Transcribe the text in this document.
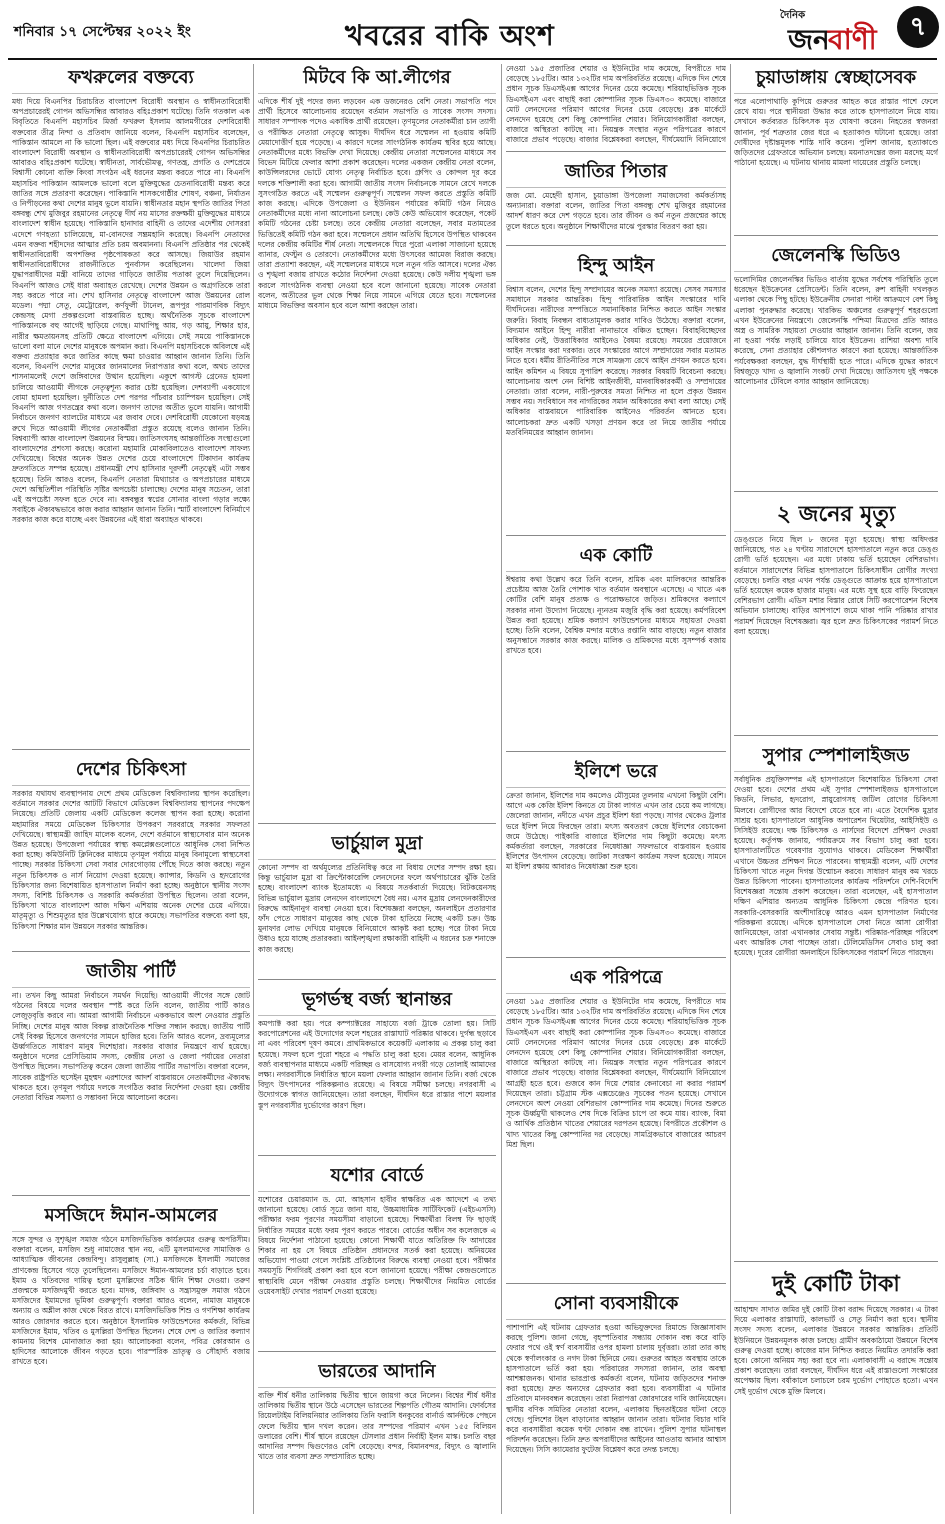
শনিবার ১৭ সেপ্টেম্বর ২০২২ ইং	খবরের বাকি অংশ
দৈনিক
জন
বাণী	৭
ফখরুলের বক্তব্যে
মধ্য দিয়ে বিএনপির চিরাচরিত বাংলাদেশ বিরোধী অবস্থান ও স্বাধীনতাবিরোধী অপপ্রচারেরই গোপন অভিসন্ধির আবারও বহিঃপ্রকাশ ঘটেছে। তিনি গতকাল এক বিবৃতিতে বিএনপি মহাসচিব মির্জা ফখরুল ইসলাম আলমগীরের দেশবিরোধী বক্তব্যের তীব্র নিন্দা ও প্রতিবাদ জানিয়ে বলেন, বিএনপি মহাসচিব বলেছেন, পাকিস্তান আমলে না কি ভালো ছিল। এই বক্তব্যের মধ্য দিয়ে বিএনপির চিরাচরিত বাংলাদেশ বিরোধী অবস্থান ও স্বাধীনতাবিরোধী অপপ্রচারেরই গোপন অভিসন্ধির আবারও বহিঃপ্রকাশ ঘটেছে। স্বাধীনতা, সার্বভৌমত্ব, গণতন্ত্র, প্রগতি ও দেশপ্রেমে বিশ্বাসী কোনো ব্যক্তি কিংবা সংগঠন এই ধরনের মন্তব্য করতে পারে না। বিএনপি মহাসচিব পাকিস্তান আমলকে ভালো বলে মুক্তিযুদ্ধের চেতনাবিরোধী মন্তব্য করে জাতির সঙ্গে প্রতারণা করেছেন। পাকিস্তানি শাসকগোষ্ঠীর শোষণ, বঞ্চনা, নির্যাতন ও নিপীড়নের কথা দেশের মানুষ ভুলে যায়নি। স্বাধীনতার মহান স্থপতি জাতির পিতা বঙ্গবন্ধু শেখ মুজিবুর রহমানের নেতৃত্বে দীর্ঘ নয় মাসের রক্তক্ষয়ী মুক্তিযুদ্ধের মাধ্যমে বাংলাদেশ স্বাধীন হয়েছে। পাকিস্তানি হানাদার বাহিনী ও তাদের এদেশীয় দোসররা এদেশে গণহত্যা চালিয়েছে, মা-বোনদের সম্ভ্রমহানি করেছে। বিএনপি নেতাদের এমন বক্তব্য শহীদদের আত্মার প্রতি চরম অবমাননা। বিএনপি প্রতিষ্ঠার পর থেকেই স্বাধীনতাবিরোধী অপশক্তির পৃষ্ঠপোষকতা করে আসছে। জিয়াউর রহমান স্বাধীনতাবিরোধীদের রাজনীতিতে পুনর্বাসন করেছিলেন। খালেদা জিয়া যুদ্ধাপরাধীদের মন্ত্রী বানিয়ে তাদের গাড়িতে জাতীয় পতাকা তুলে দিয়েছিলেন। বিএনপি আজও সেই ধারা অব্যাহত রেখেছে। দেশের উন্নয়ন ও অগ্রগতিকে তারা সহ্য করতে পারে না। শেখ হাসিনার নেতৃত্বে বাংলাদেশ আজ উন্নয়নের রোল মডেল। পদ্মা সেতু, মেট্রোরেল, কর্ণফুলী টানেল, রূপপুর পারমাণবিক বিদ্যুৎ কেন্দ্রসহ মেগা প্রকল্পগুলো বাস্তবায়িত হচ্ছে। অর্থনৈতিক সূচকে বাংলাদেশ পাকিস্তানকে বহু আগেই ছাড়িয়ে গেছে। মাথাপিছু আয়, গড় আয়ু, শিক্ষার হার, নারীর ক্ষমতায়নসহ প্রতিটি ক্ষেত্রে বাংলাদেশ এগিয়ে। সেই সময়ে পাকিস্তানকে ভালো বলা মানে দেশের মানুষকে অপমান করা। বিএনপি মহাসচিবকে অবিলম্বে এই বক্তব্য প্রত্যাহার করে জাতির কাছে ক্ষমা চাওয়ার আহ্বান জানান তিনি। তিনি বলেন, বিএনপি দেশের মানুষের জানমালের নিরাপত্তার কথা বলে, অথচ তাদের শাসনামলেই দেশে জঙ্গিবাদের উত্থান হয়েছিল। একুশে আগস্ট গ্রেনেড হামলা চালিয়ে আওয়ামী লীগকে নেতৃত্বশূন্য করার চেষ্টা হয়েছিল। দেশব্যাপী একযোগে বোমা হামলা হয়েছিল। দুর্নীতিতে দেশ পরপর পাঁচবার চ্যাম্পিয়ন হয়েছিল। সেই বিএনপি আজ গণতন্ত্রের কথা বলে। জনগণ তাদের অতীত ভুলে যায়নি। আগামী নির্বাচনে জনগণ ব্যালটের মাধ্যমে এর জবাব দেবে। দেশবিরোধী যেকোনো ষড়যন্ত্র রুখে দিতে আওয়ামী লীগের নেতাকর্মীরা প্রস্তুত রয়েছে বলেও জানান তিনি। বিশ্বব্যাপী আজ বাংলাদেশ উন্নয়নের বিস্ময়। জাতিসংঘসহ আন্তর্জাতিক সংস্থাগুলো বাংলাদেশের প্রশংসা করছে। করোনা মহামারি মোকাবিলাতেও বাংলাদেশ সাফল্য দেখিয়েছে। বিশ্বের অনেক উন্নত দেশের চেয়ে বাংলাদেশে টিকাদান কার্যক্রম দ্রুতগতিতে সম্পন্ন হয়েছে। প্রধানমন্ত্রী শেখ হাসিনার দূরদর্শী নেতৃত্বেই এটা সম্ভব হয়েছে। তিনি আরও বলেন, বিএনপি নেতারা মিথ্যাচার ও অপপ্রচারের মাধ্যমে দেশে অস্থিতিশীল পরিস্থিতি সৃষ্টির অপচেষ্টা চালাচ্ছে। দেশের মানুষ সচেতন, তারা এই অপচেষ্টা সফল হতে দেবে না। বঙ্গবন্ধুর স্বপ্নের সোনার বাংলা গড়ার লক্ষ্যে সবাইকে ঐক্যবদ্ধভাবে কাজ করার আহ্বান জানান তিনি। স্মার্ট বাংলাদেশ বিনির্মাণে সরকার কাজ করে যাচ্ছে এবং উন্নয়নের এই ধারা অব্যাহত থাকবে।
দেশের চিকিৎসা
সরকার যথাযথ ব্যবস্থাপনায় দেশে প্রথম মেডিকেল বিশ্ববিদ্যালয় স্থাপন করেছিল। বর্তমানে সরকার দেশের আটটি বিভাগে মেডিকেল বিশ্ববিদ্যালয় স্থাপনের পদক্ষেপ নিয়েছে। প্রতিটি জেলায় একটি মেডিকেল কলেজ স্থাপন করা হচ্ছে। করোনা মহামারির সময়ে মেডিকেল চিকিৎসার উপকরণ সরবরাহে সরকার সফলতা দেখিয়েছে। স্বাস্থ্যমন্ত্রী জাহিদ মালেক বলেন, দেশে বর্তমানে স্বাস্থ্যসেবার মান অনেক উন্নত হয়েছে। উপজেলা পর্যায়ের স্বাস্থ্য কমপ্লেক্সগুলোতে আধুনিক সেবা নিশ্চিত করা হচ্ছে। কমিউনিটি ক্লিনিকের মাধ্যমে তৃণমূল পর্যায়ে মানুষ বিনামূল্যে স্বাস্থ্যসেবা পাচ্ছে। সরকার চিকিৎসা সেবা সবার দোরগোড়ায় পৌঁছে দিতে কাজ করছে। নতুন নতুন চিকিৎসক ও নার্স নিয়োগ দেওয়া হয়েছে। ক্যান্সার, কিডনি ও হৃদরোগের চিকিৎসার জন্য বিশেষায়িত হাসপাতাল নির্মাণ করা হচ্ছে। অনুষ্ঠানে স্থানীয় সংসদ সদস্য, বিশিষ্ট চিকিৎসক ও সরকারি কর্মকর্তারা উপস্থিত ছিলেন। তারা বলেন, চিকিৎসা খাতে বাংলাদেশ আজ দক্ষিণ এশিয়ায় অনেক দেশের চেয়ে এগিয়ে। মাতৃমৃত্যু ও শিশুমৃত্যুর হার উল্লেখযোগ্য হারে কমেছে। সভাপতির বক্তব্যে বলা হয়, চিকিৎসা শিক্ষার মান উন্নয়নে সরকার আন্তরিক।
জাতীয় পার্টি
না। তখন কিছু আমরা নির্বাচনে সমর্থন দিয়েছি। আওয়ামী লীগের সঙ্গে জোট গঠনের বিষয়ে দলের অবস্থান স্পষ্ট করে তিনি বলেন, জাতীয় পার্টি কারও লেজুড়বৃত্তি করবে না। আমরা আগামী নির্বাচনে এককভাবে অংশ নেওয়ার প্রস্তুতি নিচ্ছি। দেশের মানুষ আজ বিকল্প রাজনৈতিক শক্তির সন্ধান করছে। জাতীয় পার্টি সেই বিকল্প হিসেবে জনগণের সামনে হাজির হবে। তিনি আরও বলেন, দ্রব্যমূল্যের ঊর্ধ্বগতিতে সাধারণ মানুষ দিশেহারা। সরকার বাজার নিয়ন্ত্রণে ব্যর্থ হয়েছে। অনুষ্ঠানে দলের প্রেসিডিয়াম সদস্য, কেন্দ্রীয় নেতা ও জেলা পর্যায়ের নেতারা উপস্থিত ছিলেন। সভাপতিত্ব করেন জেলা জাতীয় পার্টির সভাপতি। বক্তারা বলেন, সাবেক রাষ্ট্রপতি হুসেইন মুহম্মদ এরশাদের আদর্শ বাস্তবায়নে নেতাকর্মীদের ঐক্যবদ্ধ থাকতে হবে। তৃণমূল পর্যায়ে দলকে সংগঠিত করার নির্দেশনা দেওয়া হয়। কেন্দ্রীয় নেতারা বিভিন্ন সমস্যা ও সম্ভাবনা নিয়ে আলোচনা করেন।
মসজিদে ঈমান-আমলের
সঙ্গে সুন্দর ও সুশৃঙ্খল সমাজ গঠনে মসজিদভিত্তিক কার্যক্রমের গুরুত্ব অপরিসীম। বক্তারা বলেন, মসজিদ শুধু নামাজের স্থান নয়, এটি মুসলমানদের সামাজিক ও আধ্যাত্মিক জীবনের কেন্দ্রবিন্দু। রাসুলুল্লাহ (সা.) মসজিদকে ইসলামী সমাজের প্রাণকেন্দ্র হিসেবে গড়ে তুলেছিলেন। মসজিদে ঈমান-আমলের চর্চা বাড়াতে হবে। ইমাম ও খতিবদের দায়িত্ব হলো মুসল্লিদের সঠিক দ্বীনি শিক্ষা দেওয়া। তরুণ প্রজন্মকে মসজিদমুখী করতে হবে। মাদক, জঙ্গিবাদ ও সন্ত্রাসমুক্ত সমাজ গঠনে মসজিদের ইমামদের ভূমিকা গুরুত্বপূর্ণ। বক্তারা আরও বলেন, নামাজ মানুষকে অন্যায় ও অশ্লীল কাজ থেকে বিরত রাখে। মসজিদভিত্তিক শিশু ও গণশিক্ষা কার্যক্রম আরও জোরদার করতে হবে। অনুষ্ঠানে ইসলামিক ফাউন্ডেশনের কর্মকর্তা, বিভিন্ন মসজিদের ইমাম, খতিব ও মুসল্লিরা উপস্থিত ছিলেন। শেষে দেশ ও জাতির কল্যাণ কামনায় বিশেষ মোনাজাত করা হয়। আলোচকরা বলেন, পবিত্র কোরআন ও হাদিসের আলোকে জীবন গড়তে হবে। পারস্পরিক ভ্রাতৃত্ব ও সৌহার্দ্য বজায় রাখতে হবে।
মিটবে কি আ.লীগের
এদিকে শীর্ষ দুই পদের জন্য লড়বেন এক ডজনেরও বেশি নেতা। সভাপতি পদে প্রার্থী হিসেবে আলোচনায় রয়েছেন বর্তমান সভাপতি ও সাবেক সংসদ সদস্য। সাধারণ সম্পাদক পদেও একাধিক প্রার্থী রয়েছেন। তৃণমূলের নেতাকর্মীরা চান ত্যাগী ও পরীক্ষিত নেতারা নেতৃত্বে আসুক। দীর্ঘদিন ধরে সম্মেলন না হওয়ায় কমিটি মেয়াদোত্তীর্ণ হয়ে পড়েছে। এ কারণে দলের সাংগঠনিক কার্যক্রম স্থবির হয়ে আছে। নেতাকর্মীদের মধ্যে বিভক্তি দেখা দিয়েছে। কেন্দ্রীয় নেতারা সম্মেলনের মাধ্যমে সব বিভেদ মিটিয়ে ফেলার আশা প্রকাশ করেছেন। দলের একজন কেন্দ্রীয় নেতা বলেন, কাউন্সিলরদের ভোটে যোগ্য নেতৃত্ব নির্বাচিত হবে। গ্রুপিং ও কোন্দল দূর করে দলকে শক্তিশালী করা হবে। আগামী জাতীয় সংসদ নির্বাচনকে সামনে রেখে দলকে সুসংগঠিত করতে এই সম্মেলন গুরুত্বপূর্ণ। সম্মেলন সফল করতে প্রস্তুতি কমিটি কাজ করছে। এদিকে উপজেলা ও ইউনিয়ন পর্যায়ের কমিটি গঠন নিয়েও নেতাকর্মীদের মধ্যে নানা আলোচনা চলছে। কেউ কেউ অভিযোগ করেছেন, পকেট কমিটি গঠনের চেষ্টা চলছে। তবে কেন্দ্রীয় নেতারা বলেছেন, সবার মতামতের ভিত্তিতেই কমিটি গঠন করা হবে। সম্মেলনে প্রধান অতিথি হিসেবে উপস্থিত থাকবেন দলের কেন্দ্রীয় কমিটির শীর্ষ নেতা। সম্মেলনকে ঘিরে পুরো এলাকা সাজানো হয়েছে ব্যানার, ফেস্টুন ও তোরণে। নেতাকর্মীদের মধ্যে উৎসবের আমেজ বিরাজ করছে। তারা প্রত্যাশা করছেন, এই সম্মেলনের মাধ্যমে দলে নতুন গতি আসবে। দলের ঐক্য ও শৃঙ্খলা বজায় রাখতে কঠোর নির্দেশনা দেওয়া হয়েছে। কেউ দলীয় শৃঙ্খলা ভঙ্গ করলে সাংগঠনিক ব্যবস্থা নেওয়া হবে বলে জানানো হয়েছে। সাবেক নেতারা বলেন, অতীতের ভুল থেকে শিক্ষা নিয়ে সামনে এগিয়ে যেতে হবে। সম্মেলনের মাধ্যমে বিভক্তির অবসান হবে বলে আশা করছেন তারা।
ভার্চুয়াল মুদ্রা
কোনো সম্পদ বা অর্থমূল্যের প্রতিনিধিত্ব করে না বিধায় দেশের সম্পদ রক্ষা হয়। কিন্তু ভার্চুয়াল মুদ্রা বা ক্রিপ্টোকারেন্সি লেনদেনের ফলে অর্থপাচারের ঝুঁকি তৈরি হচ্ছে। বাংলাদেশ ব্যাংক ইতোমধ্যে এ বিষয়ে সতর্কবার্তা দিয়েছে। বিটকয়েনসহ বিভিন্ন ভার্চুয়াল মুদ্রায় লেনদেন বাংলাদেশে বৈধ নয়। এসব মুদ্রায় লেনদেনকারীদের বিরুদ্ধে আইনানুগ ব্যবস্থা নেওয়া হবে। বিশেষজ্ঞরা বলছেন, অনলাইনে প্রতারণার ফাঁদ পেতে সাধারণ মানুষের কাছ থেকে টাকা হাতিয়ে নিচ্ছে একটি চক্র। উচ্চ মুনাফার লোভ দেখিয়ে মানুষকে বিনিয়োগে আকৃষ্ট করা হচ্ছে। পরে টাকা নিয়ে উধাও হয়ে যাচ্ছে প্রতারকরা। আইনশৃঙ্খলা রক্ষাকারী বাহিনী এ ধরনের চক্র শনাক্তে কাজ করছে।
ভূগর্ভস্থ বর্জ্য স্থানান্তর
কমপ্যাক্ট করা হয়। পরে কম্প্যাক্টরের সাহায্যে বর্জ্য ট্রাকে তোলা হয়। সিটি করপোরেশনের এই উদ্যোগের ফলে শহরের রাস্তাঘাট পরিষ্কার থাকবে। দুর্গন্ধ ছড়াবে না এবং পরিবেশ দূষণ কমবে। প্রাথমিকভাবে কয়েকটি এলাকায় এ প্রকল্প চালু করা হয়েছে। সফল হলে পুরো শহরে এ পদ্ধতি চালু করা হবে। মেয়র বলেন, আধুনিক বর্জ্য ব্যবস্থাপনার মাধ্যমে একটি পরিচ্ছন্ন ও বাসযোগ্য নগরী গড়ে তোলাই আমাদের লক্ষ্য। নগরবাসীকে নির্ধারিত স্থানে ময়লা ফেলার আহ্বান জানান তিনি। বর্জ্য থেকে বিদ্যুৎ উৎপাদনের পরিকল্পনাও রয়েছে। এ বিষয়ে সমীক্ষা চলছে। নগরবাসী এ উদ্যোগকে স্বাগত জানিয়েছেন। তারা বলছেন, দীর্ঘদিন ধরে রাস্তার পাশে ময়লার স্তূপ নগরবাসীর দুর্ভোগের কারণ ছিল।
যশোর বোর্ডে
যশোরের চেয়ারম্যান ড. মো. আহসান হাবীব স্বাক্ষরিত এক আদেশে এ তথ্য জানানো হয়েছে। বোর্ড সূত্রে জানা যায়, উচ্চমাধ্যমিক সার্টিফিকেট (এইচএসসি) পরীক্ষার ফরম পূরণের সময়সীমা বাড়ানো হয়েছে। শিক্ষার্থীরা বিলম্ব ফি ছাড়াই নির্ধারিত সময়ের মধ্যে ফরম পূরণ করতে পারবে। বোর্ডের অধীন সব কলেজকে এ বিষয়ে নির্দেশনা পাঠানো হয়েছে। কোনো শিক্ষার্থী যাতে অতিরিক্ত ফি আদায়ের শিকার না হয় সে বিষয়ে প্রতিষ্ঠান প্রধানদের সতর্ক করা হয়েছে। অনিয়মের অভিযোগ পাওয়া গেলে সংশ্লিষ্ট প্রতিষ্ঠানের বিরুদ্ধে ব্যবস্থা নেওয়া হবে। পরীক্ষার সময়সূচি শিগগিরই প্রকাশ করা হবে বলে জানানো হয়েছে। পরীক্ষা কেন্দ্রগুলোতে স্বাস্থ্যবিধি মেনে পরীক্ষা নেওয়ার প্রস্তুতি চলছে। শিক্ষার্থীদের নিয়মিত বোর্ডের ওয়েবসাইট দেখার পরামর্শ দেওয়া হয়েছে।
ভারতের আদানি
ব্যক্তি শীর্ষ ধনীর তালিকায় দ্বিতীয় স্থানে জায়গা করে নিলেন। বিশ্বের শীর্ষ ধনীর তালিকায় দ্বিতীয় স্থানে উঠে এসেছেন ভারতের শিল্পপতি গৌতম আদানি। ফোর্বসের রিয়েলটাইম বিলিয়নিয়ার তালিকায় তিনি ফরাসি ধনকুবের বার্নার্ড আর্নল্টকে পেছনে ফেলে দ্বিতীয় স্থান দখল করেন। তার সম্পদের পরিমাণ এখন ১৫৫ বিলিয়ন ডলারের বেশি। শীর্ষ স্থানে রয়েছেন টেসলার প্রধান নির্বাহী ইলন মাস্ক। চলতি বছর আদানির সম্পদ দ্বিগুণেরও বেশি বেড়েছে। বন্দর, বিমানবন্দর, বিদ্যুৎ ও জ্বালানি খাতে তার ব্যবসা দ্রুত সম্প্রসারিত হচ্ছে।
নেওয়া ১৯৫ প্রজাতির শেয়ার ও ইউনিটের দাম কমেছে, বিপরীতে দাম বেড়েছে ১৮৫টির। আর ১৩২টির দাম অপরিবর্তিত রয়েছে। এদিকে দিন শেষে প্রধান সূচক ডিএসইএক্স আগের দিনের চেয়ে কমেছে। শরিয়াহভিত্তিক সূচক ডিএসইএস এবং বাছাই করা কোম্পানির সূচক ডিএস৩০ কমেছে। বাজারে মোট লেনদেনের পরিমাণ আগের দিনের চেয়ে বেড়েছে। ব্লক মার্কেটে লেনদেন হয়েছে বেশ কিছু কোম্পানির শেয়ার। বিনিয়োগকারীরা বলছেন, বাজারে অস্থিরতা কাটছে না। নিয়ন্ত্রক সংস্থার নতুন পরিপত্রের কারণে বাজারে প্রভাব পড়েছে। বাজার বিশ্লেষকরা বলছেন, দীর্ঘমেয়াদি বিনিয়োগে
জাতির পিতার
জজ মো. মেহেদী হাসান, চুয়াডাঙ্গা উপজেলা সমাজসেবা কর্মকর্তাসহ অন্যান্যরা। বক্তারা বলেন, জাতির পিতা বঙ্গবন্ধু শেখ মুজিবুর রহমানের আদর্শ ধারণ করে দেশ গড়তে হবে। তার জীবন ও কর্ম নতুন প্রজন্মের কাছে তুলে ধরতে হবে। অনুষ্ঠানে শিক্ষার্থীদের মাঝে পুরস্কার বিতরণ করা হয়।
হিন্দু আইন
বিশ্বাস বলেন, দেশের হিন্দু সম্প্রদায়ের অনেক সমস্যা রয়েছে। সেসব সমস্যার সমাধানে সরকার আন্তরিক। হিন্দু পারিবারিক আইন সংস্কারের দাবি দীর্ঘদিনের। নারীদের সম্পত্তিতে সমানাধিকার নিশ্চিত করতে আইন সংস্কার জরুরি। বিবাহ নিবন্ধন বাধ্যতামূলক করার দাবিও উঠেছে। বক্তারা বলেন, বিদ্যমান আইনে হিন্দু নারীরা নানাভাবে বঞ্চিত হচ্ছেন। বিবাহবিচ্ছেদের অধিকার নেই, উত্তরাধিকার আইনেও বৈষম্য রয়েছে। সময়ের প্রয়োজনে আইন সংস্কার করা দরকার। তবে সংস্কারের আগে সম্প্রদায়ের সবার মতামত নিতে হবে। ধর্মীয় রীতিনীতির সঙ্গে সামঞ্জস্য রেখে আইন প্রণয়ন করতে হবে। আইন কমিশন এ বিষয়ে সুপারিশ করেছে। সরকার বিষয়টি বিবেচনা করছে। আলোচনায় অংশ নেন বিশিষ্ট আইনজীবী, মানবাধিকারকর্মী ও সম্প্রদায়ের নেতারা। তারা বলেন, নারী-পুরুষের সমতা নিশ্চিত না হলে প্রকৃত উন্নয়ন সম্ভব নয়। সংবিধানে সব নাগরিকের সমান অধিকারের কথা বলা আছে। সেই অধিকার বাস্তবায়নে পারিবারিক আইনেও পরিবর্তন আনতে হবে। আলোচকরা দ্রুত একটি খসড়া প্রণয়ন করে তা নিয়ে জাতীয় পর্যায়ে মতবিনিময়ের আহ্বান জানান।
এক কোটি
ঈশ্বরায় কথা উল্লেখ করে তিনি বলেন, শ্রমিক এবং মালিকদের আন্তরিক প্রচেষ্টায় আজ তৈরি পোশাক খাত বর্তমান অবস্থানে এসেছে। এ খাতে এক কোটির বেশি মানুষ প্রত্যক্ষ ও পরোক্ষভাবে জড়িত। শ্রমিকদের কল্যাণে সরকার নানা উদ্যোগ নিয়েছে। ন্যূনতম মজুরি বৃদ্ধি করা হয়েছে। কর্মপরিবেশ উন্নত করা হয়েছে। শ্রমিক কল্যাণ ফাউন্ডেশনের মাধ্যমে সহায়তা দেওয়া হচ্ছে। তিনি বলেন, বৈশ্বিক মন্দার মধ্যেও রপ্তানি আয় বাড়ছে। নতুন বাজার অনুসন্ধানে সরকার কাজ করছে। মালিক ও শ্রমিকদের মধ্যে সুসম্পর্ক বজায় রাখতে হবে।
ইলিশে ভরে
ক্রেতা জানান, ইলিশের দাম কমলেও মৌসুমের তুলনায় এখনো কিছুটা বেশি। আগে এক কেজি ইলিশ কিনতে যে টাকা লাগত এখন তার চেয়ে কম লাগছে। জেলেরা জানান, নদীতে এখন প্রচুর ইলিশ ধরা পড়ছে। সাগর থেকেও ট্রলার ভরে ইলিশ নিয়ে ফিরছেন তারা। মৎস্য অবতরণ কেন্দ্রে ইলিশের বেচাকেনা জমে উঠেছে। পাইকারি বাজারে ইলিশের দাম কিছুটা কমেছে। মৎস্য কর্মকর্তারা বলছেন, সরকারের নিষেধাজ্ঞা সফলভাবে বাস্তবায়ন হওয়ায় ইলিশের উৎপাদন বেড়েছে। জাটকা সংরক্ষণ কার্যক্রম সফল হয়েছে। সামনে মা ইলিশ রক্ষায় আবারও নিষেধাজ্ঞা শুরু হবে।
এক পরিপত্রে
নেওয়া ১৯৫ প্রজাতির শেয়ার ও ইউনিটের দাম কমেছে, বিপরীতে দাম বেড়েছে ১৮৫টির। আর ১৩২টির দাম অপরিবর্তিত রয়েছে। এদিকে দিন শেষে প্রধান সূচক ডিএসইএক্স আগের দিনের চেয়ে কমেছে। শরিয়াহভিত্তিক সূচক ডিএসইএস এবং বাছাই করা কোম্পানির সূচক ডিএস৩০ কমেছে। বাজারে মোট লেনদেনের পরিমাণ আগের দিনের চেয়ে বেড়েছে। ব্লক মার্কেটে লেনদেন হয়েছে বেশ কিছু কোম্পানির শেয়ার। বিনিয়োগকারীরা বলছেন, বাজারে অস্থিরতা কাটছে না। নিয়ন্ত্রক সংস্থার নতুন পরিপত্রের কারণে বাজারে প্রভাব পড়েছে। বাজার বিশ্লেষকরা বলছেন, দীর্ঘমেয়াদি বিনিয়োগে আগ্রহী হতে হবে। গুজবে কান দিয়ে শেয়ার কেনাবেচা না করার পরামর্শ দিয়েছেন তারা। চট্টগ্রাম স্টক এক্সচেঞ্জেও সূচকের পতন হয়েছে। সেখানে লেনদেনে অংশ নেওয়া বেশিরভাগ কোম্পানির দাম কমেছে। দিনের শুরুতে সূচক ঊর্ধ্বমুখী থাকলেও শেষ দিকে বিক্রির চাপে তা কমে যায়। ব্যাংক, বিমা ও আর্থিক প্রতিষ্ঠান খাতের শেয়ারের দরপতন হয়েছে। বিপরীতে প্রকৌশল ও খাদ্য খাতের কিছু কোম্পানির দর বেড়েছে। সামগ্রিকভাবে বাজারের আচরণ মিশ্র ছিল।
সোনা ব্যবসায়ীকে
পাশাপাশি এই ঘটনায় গ্রেফতার হওয়া অভিযুক্তদের রিমান্ডে জিজ্ঞাসাবাদ করছে পুলিশ। জানা গেছে, বৃহস্পতিবার সন্ধ্যায় দোকান বন্ধ করে বাড়ি ফেরার পথে ওই স্বর্ণ ব্যবসায়ীর ওপর হামলা চালায় দুর্বৃত্তরা। তারা তার কাছ থেকে স্বর্ণালংকার ও নগদ টাকা ছিনিয়ে নেয়। গুরুতর আহত অবস্থায় তাকে হাসপাতালে ভর্তি করা হয়। পরিবারের সদস্যরা জানান, তার অবস্থা আশঙ্কাজনক। থানার ভারপ্রাপ্ত কর্মকর্তা বলেন, ঘটনায় জড়িতদের শনাক্ত করা হয়েছে। দ্রুত অন্যদের গ্রেফতার করা হবে। ব্যবসায়ীরা এ ঘটনার প্রতিবাদে মানববন্ধন করেছেন। তারা নিরাপত্তা জোরদারের দাবি জানিয়েছেন। স্থানীয় বণিক সমিতির নেতারা বলেন, এলাকায় ছিনতাইয়ের ঘটনা বেড়ে গেছে। পুলিশের টহল বাড়ানোর আহ্বান জানান তারা। ঘটনার বিচার দাবি করে ব্যবসায়ীরা কয়েক ঘণ্টা দোকান বন্ধ রাখেন। পুলিশ সুপার ঘটনাস্থল পরিদর্শন করেছেন। তিনি দ্রুত অপরাধীদের আইনের আওতায় আনার আশ্বাস দিয়েছেন। সিসি ক্যামেরার ফুটেজ বিশ্লেষণ করে তদন্ত চলছে।
চুয়াডাঙ্গায় স্বেচ্ছাসেবক
পরে এলোপাথাড়ি কুপিয়ে গুরুতর আহত করে রাস্তার পাশে ফেলে রেখে যায়। পরে স্থানীয়রা উদ্ধার করে তাকে হাসপাতালে নিয়ে যায়। সেখানে কর্তব্যরত চিকিৎসক মৃত ঘোষণা করেন। নিহতের স্বজনরা জানান, পূর্ব শত্রুতার জের ধরে এ হত্যাকাণ্ড ঘটানো হয়েছে। তারা দোষীদের দৃষ্টান্তমূলক শাস্তি দাবি করেন। পুলিশ জানায়, হত্যাকাণ্ডে জড়িতদের গ্রেফতারে অভিযান চলছে। ময়নাতদন্তের জন্য মরদেহ মর্গে পাঠানো হয়েছে। এ ঘটনায় থানায় মামলা দায়েরের প্রস্তুতি চলছে।
জেলেনস্কি ভিডিও
ভলোদিমির জেলেনস্কির ভিডিও বার্তায় যুদ্ধের সর্বশেষ পরিস্থিতি তুলে ধরেছেন ইউক্রেনের প্রেসিডেন্ট। তিনি বলেন, রুশ বাহিনী দখলকৃত এলাকা থেকে পিছু হটছে। ইউক্রেনীয় সেনারা পাল্টা আক্রমণে বেশ কিছু এলাকা পুনরুদ্ধার করেছে। খারকিভ অঞ্চলের গুরুত্বপূর্ণ শহরগুলো এখন ইউক্রেনের নিয়ন্ত্রণে। জেলেনস্কি পশ্চিমা মিত্রদের প্রতি আরও অস্ত্র ও সামরিক সহায়তা দেওয়ার আহ্বান জানান। তিনি বলেন, জয় না হওয়া পর্যন্ত লড়াই চালিয়ে যাবে ইউক্রেন। রাশিয়া অবশ্য দাবি করেছে, সেনা প্রত্যাহার কৌশলগত কারণে করা হয়েছে। আন্তর্জাতিক পর্যবেক্ষকরা বলছেন, যুদ্ধ দীর্ঘস্থায়ী হতে পারে। এদিকে যুদ্ধের কারণে বিশ্বজুড়ে খাদ্য ও জ্বালানি সংকট দেখা দিয়েছে। জাতিসংঘ দুই পক্ষকে আলোচনার টেবিলে বসার আহ্বান জানিয়েছে।
২ জনের মৃত্যু
ডেঙ্গুতে নিয়ে ছিল ৮ জনের মৃত্যু হয়েছে। স্বাস্থ্য অধিদপ্তর জানিয়েছে, গত ২৪ ঘণ্টায় সারাদেশে হাসপাতালে নতুন করে ডেঙ্গু রোগী ভর্তি হয়েছেন। এর মধ্যে ঢাকায় ভর্তি হয়েছেন বেশিরভাগ। বর্তমানে সারাদেশের বিভিন্ন হাসপাতালে চিকিৎসাধীন রোগীর সংখ্যা বেড়েছে। চলতি বছর এখন পর্যন্ত ডেঙ্গুতে আক্রান্ত হয়ে হাসপাতালে ভর্তি হয়েছেন কয়েক হাজার মানুষ। এর মধ্যে সুস্থ হয়ে বাড়ি ফিরেছেন বেশিরভাগ রোগী। এডিস মশার বিস্তার রোধে সিটি করপোরেশন বিশেষ অভিযান চালাচ্ছে। বাড়ির আশপাশে জমে থাকা পানি পরিষ্কার রাখার পরামর্শ দিয়েছেন বিশেষজ্ঞরা। জ্বর হলে দ্রুত চিকিৎসকের পরামর্শ নিতে বলা হয়েছে।
সুপার স্পেশালাইজড
সর্বাধুনিক প্রযুক্তিসম্পন্ন এই হাসপাতালে বিশেষায়িত চিকিৎসা সেবা দেওয়া হবে। দেশের প্রথম এই সুপার স্পেশালাইজড হাসপাতালে কিডনি, লিভার, হৃদরোগ, স্নায়ুরোগসহ জটিল রোগের চিকিৎসা মিলবে। রোগীদের আর বিদেশে যেতে হবে না। এতে বৈদেশিক মুদ্রার সাশ্রয় হবে। হাসপাতালে আধুনিক অপারেশন থিয়েটার, আইসিইউ ও সিসিইউ রয়েছে। দক্ষ চিকিৎসক ও নার্সদের বিদেশে প্রশিক্ষণ দেওয়া হয়েছে। কর্তৃপক্ষ জানায়, পর্যায়ক্রমে সব বিভাগ চালু করা হবে। হাসপাতালটিতে গবেষণার সুযোগও থাকবে। মেডিকেল শিক্ষার্থীরা এখানে উচ্চতর প্রশিক্ষণ নিতে পারবেন। স্বাস্থ্যমন্ত্রী বলেন, এটি দেশের চিকিৎসা খাতে নতুন দিগন্ত উন্মোচন করবে। সাধারণ মানুষ কম খরচে উন্নত চিকিৎসা পাবেন। হাসপাতালের কার্যক্রম পরিদর্শনে দেশি-বিদেশি বিশেষজ্ঞরা সন্তোষ প্রকাশ করেছেন। তারা বলেছেন, এই হাসপাতাল দক্ষিণ এশিয়ার অন্যতম আধুনিক চিকিৎসা কেন্দ্রে পরিণত হবে। সরকারি-বেসরকারি অংশীদারিত্বে আরও এমন হাসপাতাল নির্মাণের পরিকল্পনা রয়েছে। এদিকে হাসপাতালে সেবা নিতে আসা রোগীরা জানিয়েছেন, তারা এখানকার সেবায় সন্তুষ্ট। পরিষ্কার-পরিচ্ছন্ন পরিবেশ এবং আন্তরিক সেবা পাচ্ছেন তারা। টেলিমেডিসিন সেবাও চালু করা হয়েছে। দূরের রোগীরা অনলাইনে চিকিৎসকের পরামর্শ নিতে পারছেন।
দুই কোটি টাকা
আহাম্মদ সাদাত জমির দুই কোটি টাকা বরাদ্দ দিয়েছে সরকার। এ টাকা দিয়ে এলাকার রাস্তাঘাট, কালভার্ট ও সেতু নির্মাণ করা হবে। স্থানীয় সংসদ সদস্য বলেন, এলাকার উন্নয়নে সরকার আন্তরিক। প্রতিটি ইউনিয়নে উন্নয়নমূলক কাজ চলছে। গ্রামীণ অবকাঠামো উন্নয়নে বিশেষ গুরুত্ব দেওয়া হচ্ছে। কাজের মান নিশ্চিত করতে নিয়মিত তদারকি করা হবে। কোনো অনিয়ম সহ্য করা হবে না। এলাকাবাসী এ বরাদ্দে সন্তোষ প্রকাশ করেছেন। তারা বলছেন, দীর্ঘদিন ধরে এই রাস্তাগুলো সংস্কারের অপেক্ষায় ছিল। বর্ষাকালে চলাচলে চরম দুর্ভোগ পোহাতে হতো। এখন সেই দুর্ভোগ থেকে মুক্তি মিলবে।
